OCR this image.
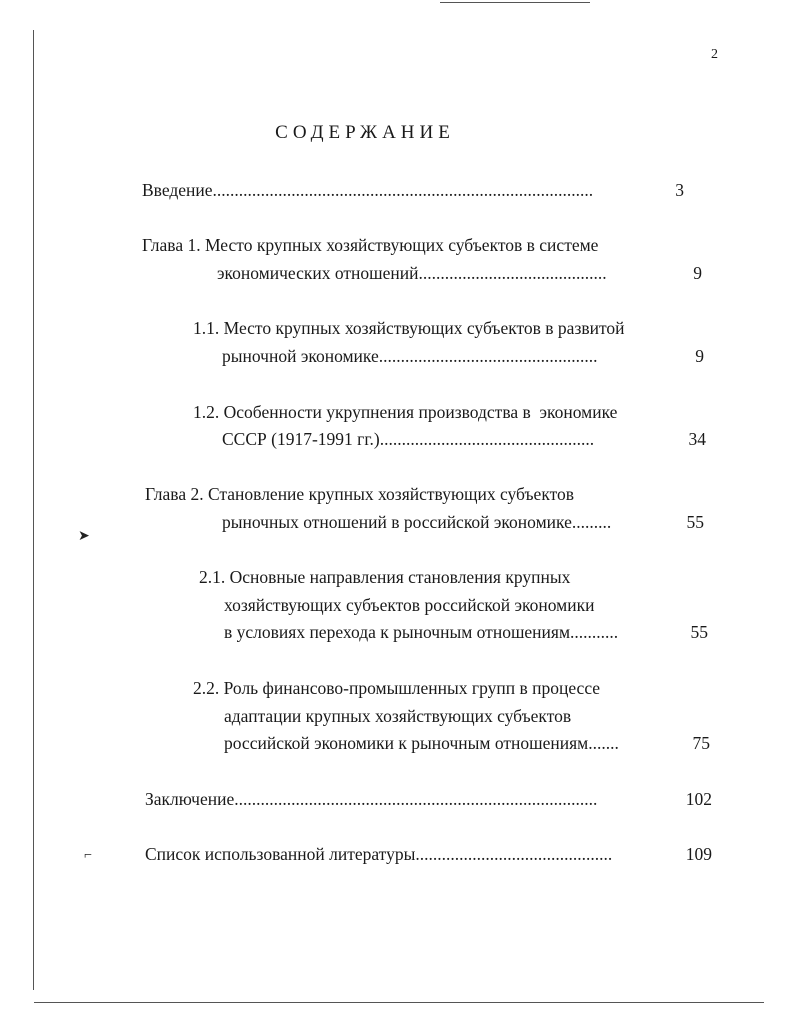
➤
⌐
2
СОДЕРЖАНИЕ
Введение.......................................................................................	3
Глава 1. Место крупных хозяйствующих субъектов в системе
экономических отношений...........................................	9
1.1. Место крупных хозяйствующих субъектов в развитой
рыночной экономике..................................................	9
1.2. Особенности укрупнения производства в  экономике
СССР (1917-1991 гг.).................................................	34
Глава 2. Становление крупных хозяйствующих субъектов
рыночных отношений в российской экономике.........	55
2.1. Основные направления становления крупных
хозяйствующих субъектов российской экономики
в условиях перехода к рыночным отношениям...........	55
2.2. Роль финансово-промышленных групп в процессе
адаптации крупных хозяйствующих субъектов
российской экономики к рыночным отношениям.......	75
Заключение...................................................................................	102
Список использованной литературы.............................................	109
